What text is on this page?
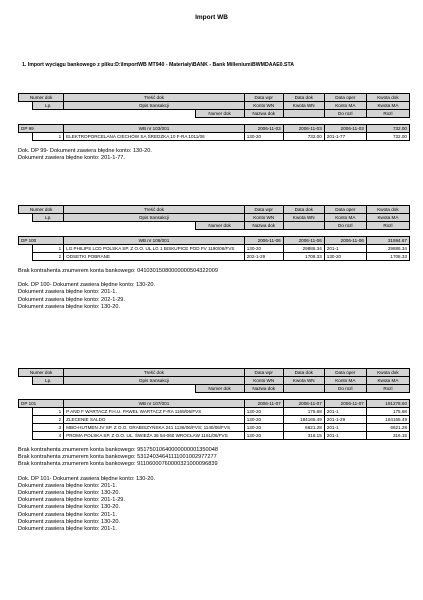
Import WB
1. Import wyciągu bankowego z pliku:D:\ImportWB MT940 - Materiały\BANK - Bank Millenium\BWMDAAE0.STA
Numer dok		Treść dok		Data wpr	Data dok	Data oper	Kwota dok
	Lp.	Opis transakcji		Konto WN	Kwota WN	Konto MA	Kwota MA
			Numer dok	Nazwa dok		Do rozl	Rozl

DP 99		WB nr 103/001		2006-11-03	2006-11-03	2006-11-03	732.00
	1	ELEKTROPORCELANA CIECHÓW SA ŚREDZKA 10 F-RA 1011/06		130-20	732.00	201-1-77	732.00
Dok. DP 99- Dokument zawiera błędne konto: 130-20.
Dokument zawiera błędne konto: 201-1-77.
Numer dok		Treść dok		Data wpr	Data dok	Data oper	Kwota dok
	Lp.	Opis transakcji		Konto WN	Kwota WN	Konto MA	Kwota MA
			Numer dok	Nazwa dok		Do rozl	Rozl

DP 100		WB nr 106/001		2006-11-06	2006-11-06	2006-11-06	31594.67
	1	LG PHILIPS LCD POLSKA SP. Z O.O. UL.LG 1 BISKUPICE POD FV 1190/06/FVS		130-20	29886.34	201-1	29886.34
	2	ODSETKI POBRANE		202-1-29	1708.33	130-20	1708.33
Brak kontrahenta znumerem konta bankowego: 04103015080000000504322009
Dok. DP 100- Dokument zawiera błędne konto: 130-20.
Dokument zawiera błędne konto: 201-1.
Dokument zawiera błędne konto: 202-1-29.
Dokument zawiera błędne konto: 130-20.
Numer dok		Treść dok		Data wpr	Data dok	Data oper	Kwota dok
	Lp.	Opis transakcji		Konto WN	Kwota WN	Konto MA	Kwota MA
			Numer dok	Nazwa dok		Do rozl	Rozl

DP 101		WB nr 107/001		2006-11-07	2006-11-07	2006-11-07	191278.60
	1	P AND F WARTACZ P.H.U. PAWEŁ WARTACZ F-RA 1169/06/FVS		130-20	175.68	201-1	175.68
	2	ZLECENIE SALDO		130-20	184165.49	201-1-29	184165.49
	3	MBO-HUTMEN JV SP. Z O.O. GRABISZYŃSKA 241 1136/06/FVS; 1140/06/FVS		130-20	6621.28	201-1	6621.28
	4	PROMA POLSKA SP. Z O.O. UL. ŚWIEŻA 36 54-060 WROCŁAW 1161/06/FVS		130-20	316.15	201-1	316.15
Brak kontrahenta znumerem konta bankowego: 95175010640000000001350048
Brak kontrahenta znumerem konta bankowego: 53124034641111001002977277
Brak kontrahenta znumerem konta bankowego: 91106000760000321000096839
Dok. DP 101- Dokument zawiera błędne konto: 130-20.
Dokument zawiera błędne konto: 201-1.
Dokument zawiera błędne konto: 130-20.
Dokument zawiera błędne konto: 201-1-29.
Dokument zawiera błędne konto: 130-20.
Dokument zawiera błędne konto: 201-1.
Dokument zawiera błędne konto: 130-20.
Dokument zawiera błędne konto: 201-1.
